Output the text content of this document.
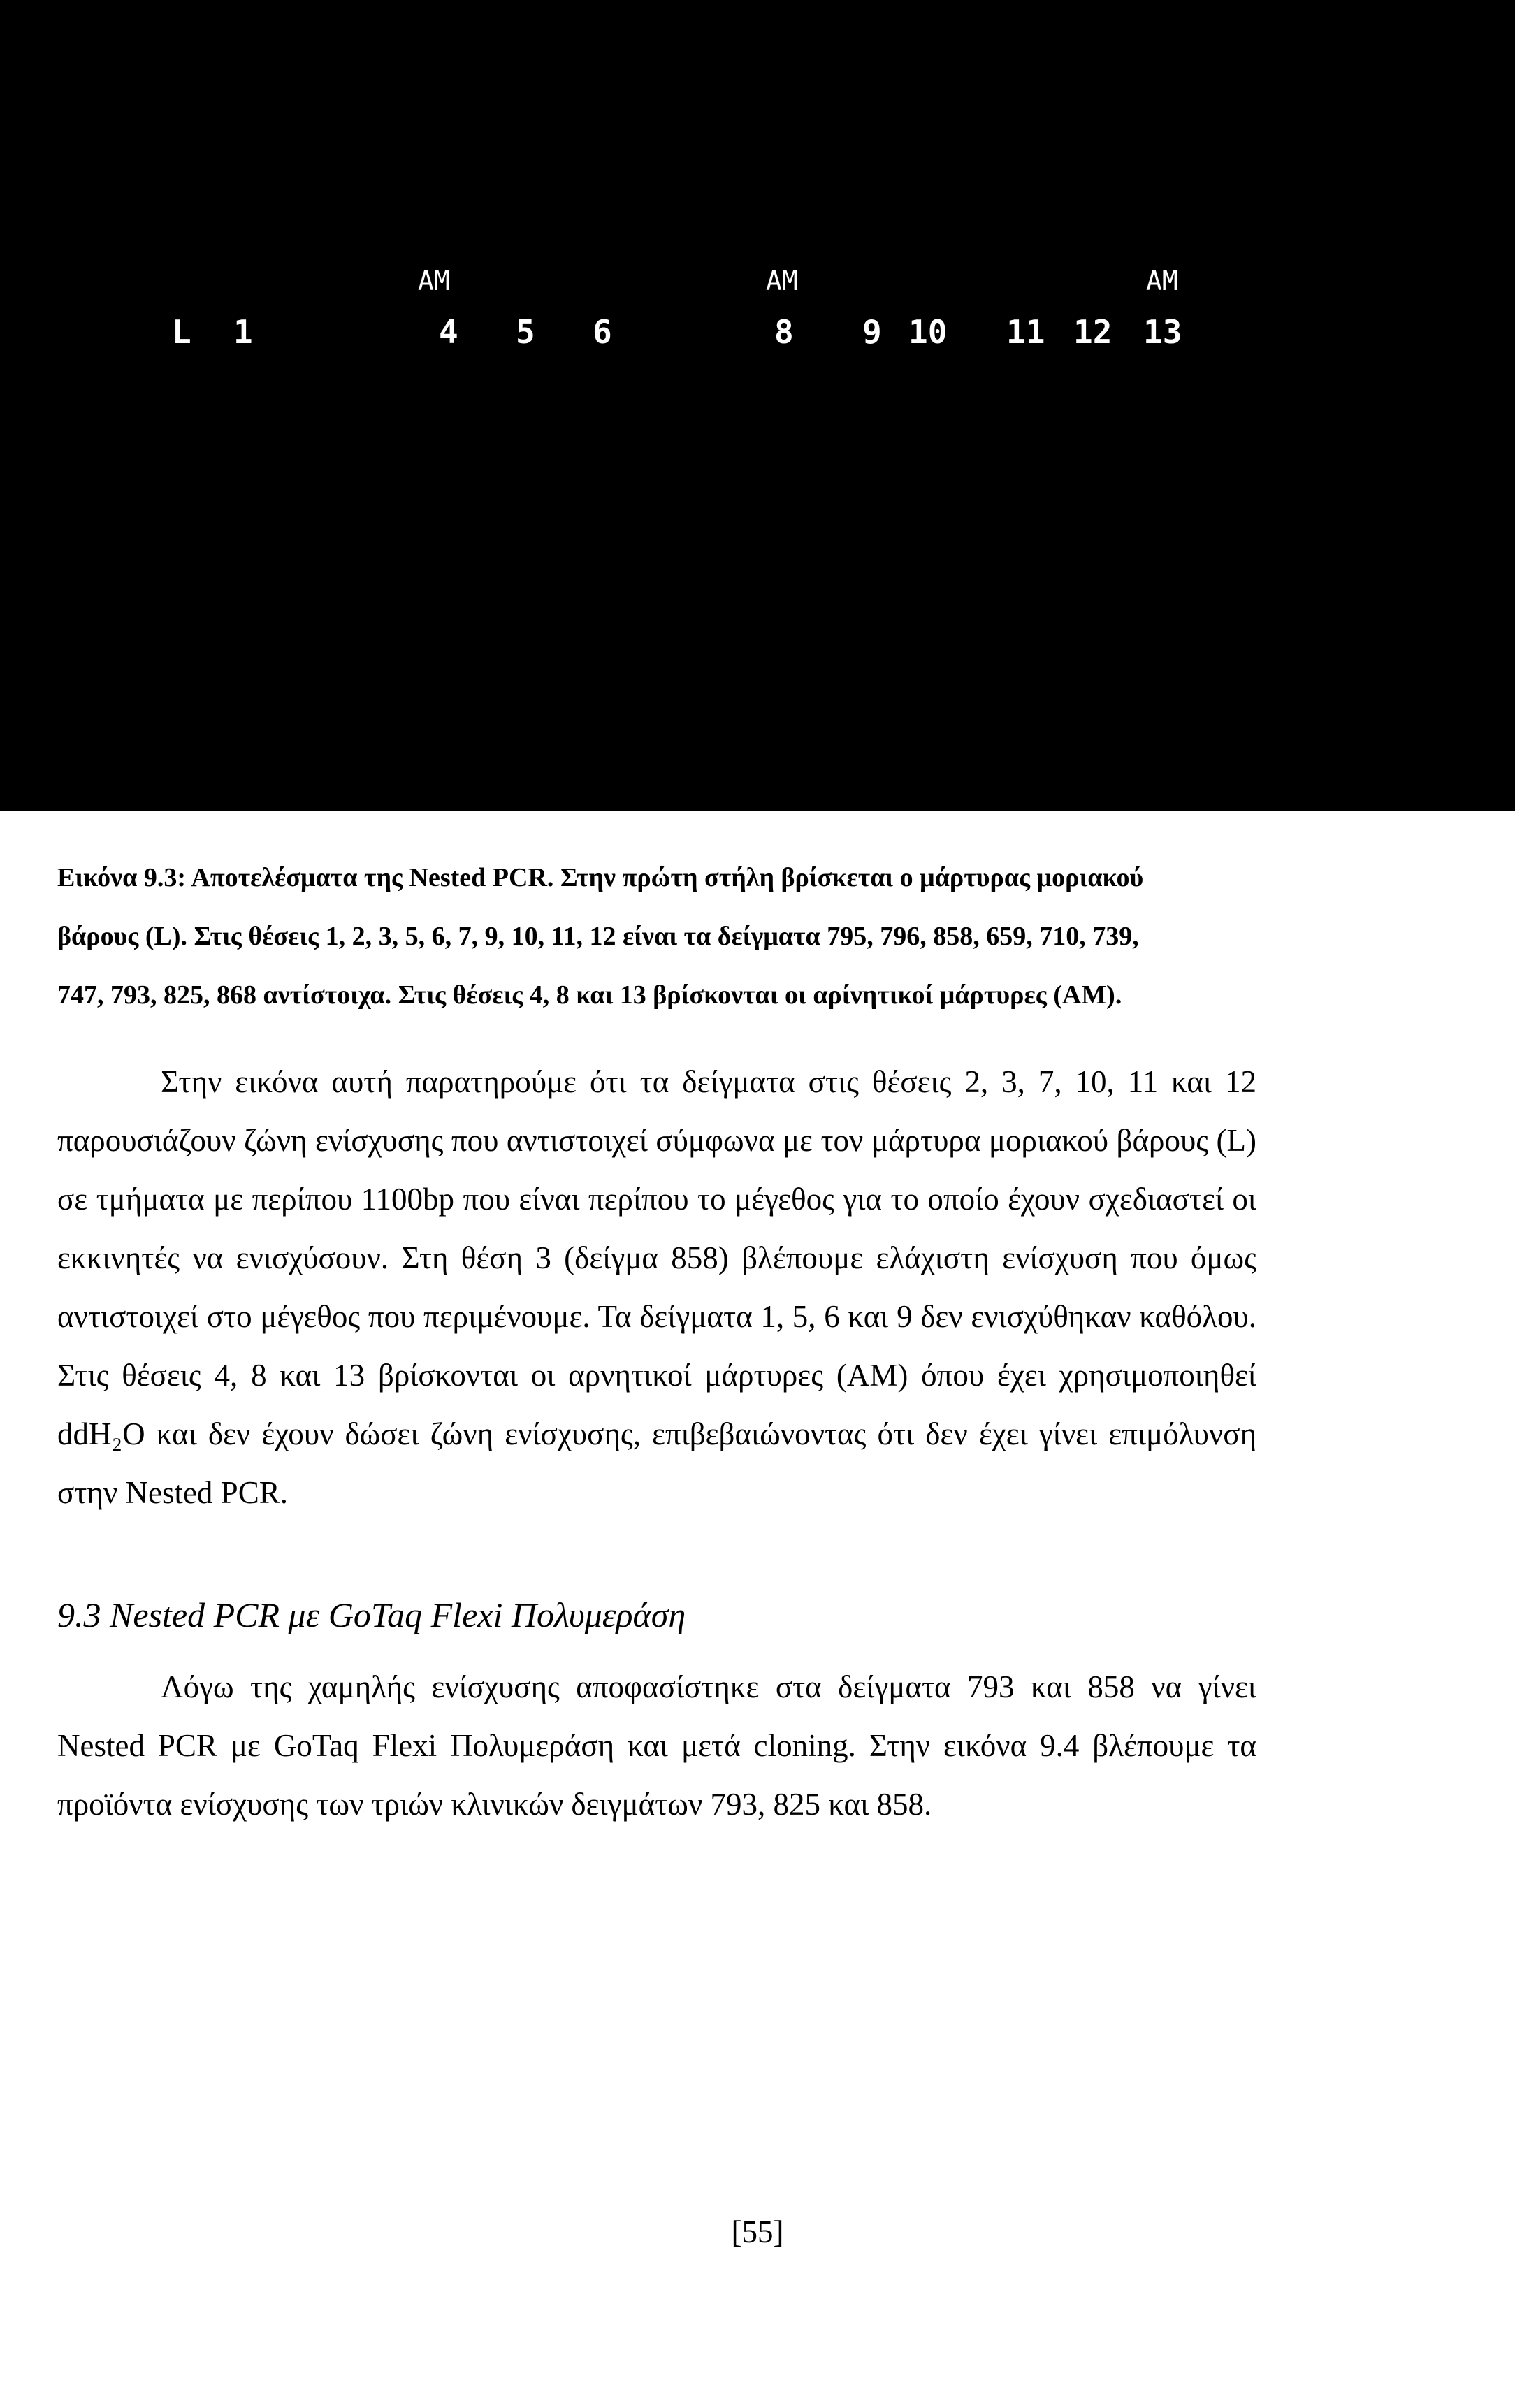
AM	AM	AM
L 1	4 5 6	8 9 10 11 12 13
Εικόνα 9.3: Αποτελέσματα της Nested PCR. Στην πρώτη στήλη βρίσκεται ο μάρτυρας μοριακού
βάρους (L). Στις θέσεις 1, 2, 3, 5, 6, 7, 9, 10, 11, 12 είναι τα δείγματα 795, 796, 858, 659, 710, 739,
747, 793, 825, 868 αντίστοιχα. Στις θέσεις 4, 8 και 13 βρίσκονται οι αρίνητικοί μάρτυρες (AM).

Στην εικόνα αυτή παρατηρούμε ότι τα δείγματα στις θέσεις 2, 3, 7, 10, 11 και 12 παρουσιάζουν ζώνη ενίσχυσης που αντιστοιχεί σύμφωνα με τον μάρτυρα μοριακού βάρους (L) σε τμήματα με περίπου 1100bp που είναι περίπου το μέγεθος για το οποίο έχουν σχεδιαστεί οι εκκινητές να ενισχύσουν. Στη θέση 3 (δείγμα 858) βλέπουμε ελάχιστη ενίσχυση που όμως αντιστοιχεί στο μέγεθος που περιμένουμε. Τα δείγματα 1, 5, 6 και 9 δεν ενισχύθηκαν καθόλου. Στις θέσεις 4, 8 και 13 βρίσκονται οι αρνητικοί μάρτυρες (AM) όπου έχει χρησιμοποιηθεί ddH₂O και δεν έχουν δώσει ζώνη ενίσχυσης, επιβεβαιώνοντας ότι δεν έχει γίνει επιμόλυνση στην Nested PCR.

9.3 Nested PCR με GoTaq Flexi Πολυμεράση

Λόγω της χαμηλής ενίσχυσης αποφασίστηκε στα δείγματα 793 και 858 να γίνει Nested PCR με GoTaq Flexi Πολυμεράση και μετά cloning. Στην εικόνα 9.4 βλέπουμε τα προϊόντα ενίσχυσης των τριών κλινικών δειγμάτων 793, 825 και 858.

[55]
